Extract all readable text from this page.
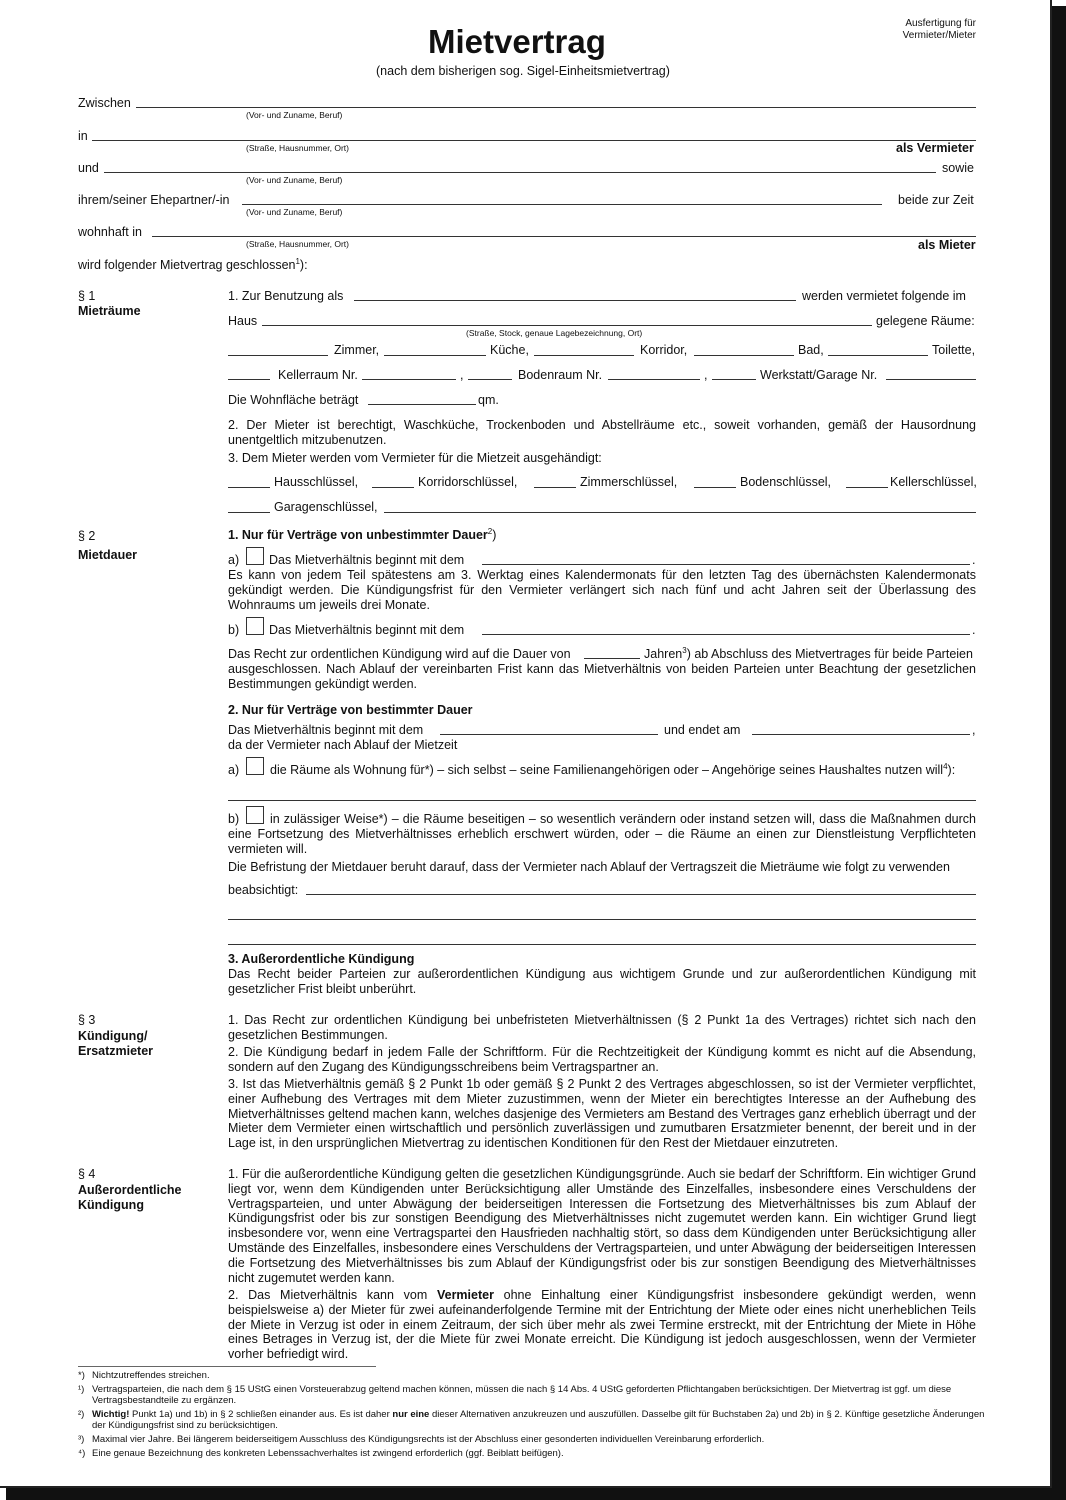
Mietvertrag
(nach dem bisherigen sog. Sigel-Einheitsmietvertrag)
Ausfertigung für
Vermieter/Mieter
Zwischen
(Vor- und Zuname, Beruf)
in
(Straße, Hausnummer, Ort)	als Vermieter
und
(Vor- und Zuname, Beruf)
sowie
ihrem/seiner Ehepartner/-in
(Vor- und Zuname, Beruf)
beide zur Zeit
wohnhaft in
(Straße, Hausnummer, Ort)	als Mieter
wird folgender Mietvertrag geschlossen$^1$):
§ 1
Mieträume
1. Zur Benutzung als	werden vermietet folgende im
Haus
(Straße, Stock, genaue Lagebezeichnung, Ort)
gelegene Räume:
Zimmer,	Küche,	Korridor,	Bad,	Toilette,
Kellerraum Nr.	,	Bodenraum Nr.	,	Werkstatt/Garage Nr.
Die Wohnfläche beträgt	qm.
2. Der Mieter ist berechtigt, Waschküche, Trockenboden und Abstellräume etc., soweit vorhanden, gemäß der Hausordnung unentgeltlich mitzubenutzen.
3. Dem Mieter werden vom Vermieter für die Mietzeit ausgehändigt:
Hausschlüssel,	Korridorschlüssel,	Zimmerschlüssel,	Bodenschlüssel,	Kellerschlüssel,
Garagenschlüssel,
§ 2
Mietdauer
1. Nur für Verträge von unbestimmter Dauer$^2$)
a) Das Mietverhältnis beginnt mit dem	.
Es kann von jedem Teil spätestens am 3. Werktag eines Kalendermonats für den letzten Tag des übernächsten Kalendermonats gekündigt werden. Die Kündigungsfrist für den Vermieter verlängert sich nach fünf und acht Jahren seit der Überlassung des Wohnraums um jeweils drei Monate.
b) Das Mietverhältnis beginnt mit dem	.
Das Recht zur ordentlichen Kündigung wird auf die Dauer von	Jahren$^3$) ab Abschluss des Mietvertrages für beide Parteien
ausgeschlossen. Nach Ablauf der vereinbarten Frist kann das Mietverhältnis von beiden Parteien unter Beachtung der gesetzlichen Bestimmungen gekündigt werden.
2. Nur für Verträge von bestimmter Dauer
Das Mietverhältnis beginnt mit dem	und endet am	,
da der Vermieter nach Ablauf der Mietzeit
a) die Räume als Wohnung für*) – sich selbst – seine Familienangehörigen oder – Angehörige seines Haushaltes nutzen will$^4$):
b)	in zulässiger Weise*) – die Räume beseitigen – so wesentlich verändern oder instand setzen will, dass die Maßnahmen durch eine Fortsetzung des Mietverhältnisses erheblich erschwert würden, oder – die Räume an einen zur Dienstleistung Verpflichteten vermieten will.
Die Befristung der Mietdauer beruht darauf, dass der Vermieter nach Ablauf der Vertragszeit die Mieträume wie folgt zu verwenden
beabsichtigt:
3. Außerordentliche Kündigung
Das Recht beider Parteien zur außerordentlichen Kündigung aus wichtigem Grunde und zur außerordentlichen Kündigung mit gesetzlicher Frist bleibt unberührt.
§ 3
Kündigung/
Ersatzmieter
1. Das Recht zur ordentlichen Kündigung bei unbefristeten Mietverhältnissen (§ 2 Punkt 1a des Vertrages) richtet sich nach den gesetzlichen Bestimmungen.
2. Die Kündigung bedarf in jedem Falle der Schriftform. Für die Rechtzeitigkeit der Kündigung kommt es nicht auf die Absendung, sondern auf den Zugang des Kündigungsschreibens beim Vertragspartner an.
3. Ist das Mietverhältnis gemäß § 2 Punkt 1b oder gemäß § 2 Punkt 2 des Vertrages abgeschlossen, so ist der Vermieter verpflichtet, einer Aufhebung des Vertrages mit dem Mieter zuzustimmen, wenn der Mieter ein berechtigtes Interesse an der Aufhebung des Mietverhältnisses geltend machen kann, welches dasjenige des Vermieters am Bestand des Vertrages ganz erheblich überragt und der Mieter dem Vermieter einen wirtschaftlich und persönlich zuverlässigen und zumutbaren Ersatzmieter benennt, der bereit und in der Lage ist, in den ursprünglichen Mietvertrag zu identischen Konditionen für den Rest der Mietdauer einzutreten.
§ 4
Außerordentliche
Kündigung
1. Für die außerordentliche Kündigung gelten die gesetzlichen Kündigungsgründe. Auch sie bedarf der Schriftform. Ein wichtiger Grund liegt vor, wenn dem Kündigenden unter Berücksichtigung aller Umstände des Einzelfalles, insbesondere eines Verschuldens der Vertragsparteien, und unter Abwägung der beiderseitigen Interessen die Fortsetzung des Mietverhältnisses bis zum Ablauf der Kündigungsfrist oder bis zur sonstigen Beendigung des Mietverhältnisses nicht zugemutet werden kann. Ein wichtiger Grund liegt insbesondere vor, wenn eine Vertragspartei den Hausfrieden nachhaltig stört, so dass dem Kündigenden unter Berücksichtigung aller Umstände des Einzelfalles, insbesondere eines Verschuldens der Vertragsparteien, und unter Abwägung der beiderseitigen Interessen die Fortsetzung des Mietverhältnisses bis zum Ablauf der Kündigungsfrist oder bis zur sonstigen Beendigung des Mietverhältnisses nicht zugemutet werden kann.
2. Das Mietverhältnis kann vom Vermieter ohne Einhaltung einer Kündigungsfrist insbesondere gekündigt werden, wenn beispielsweise a) der Mieter für zwei aufeinanderfolgende Termine mit der Entrichtung der Miete oder eines nicht unerheblichen Teils der Miete in Verzug ist oder in einem Zeitraum, der sich über mehr als zwei Termine erstreckt, mit der Entrichtung der Miete in Höhe eines Betrages in Verzug ist, der die Miete für zwei Monate erreicht. Die Kündigung ist jedoch ausgeschlossen, wenn der Vermieter vorher befriedigt wird.
*) Nichtzutreffendes streichen.
¹) Vertragsparteien, die nach dem § 15 UStG einen Vorsteuerabzug geltend machen können, müssen die nach § 14 Abs. 4 UStG geforderten Pflichtangaben berücksichtigen. Der Mietvertrag ist ggf. um diese Vertragsbestandteile zu ergänzen.
²) Wichtig! Punkt 1a) und 1b) in § 2 schließen einander aus. Es ist daher nur eine dieser Alternativen anzukreuzen und auszufüllen. Dasselbe gilt für Buchstaben 2a) und 2b) in § 2. Künftige gesetzliche Änderungen der Kündigungsfrist sind zu berücksichtigen.
³) Maximal vier Jahre. Bei längerem beiderseitigem Ausschluss des Kündigungsrechts ist der Abschluss einer gesonderten individuellen Vereinbarung erforderlich.
⁴) Eine genaue Bezeichnung des konkreten Lebenssachverhaltes ist zwingend erforderlich (ggf. Beiblatt beifügen).
